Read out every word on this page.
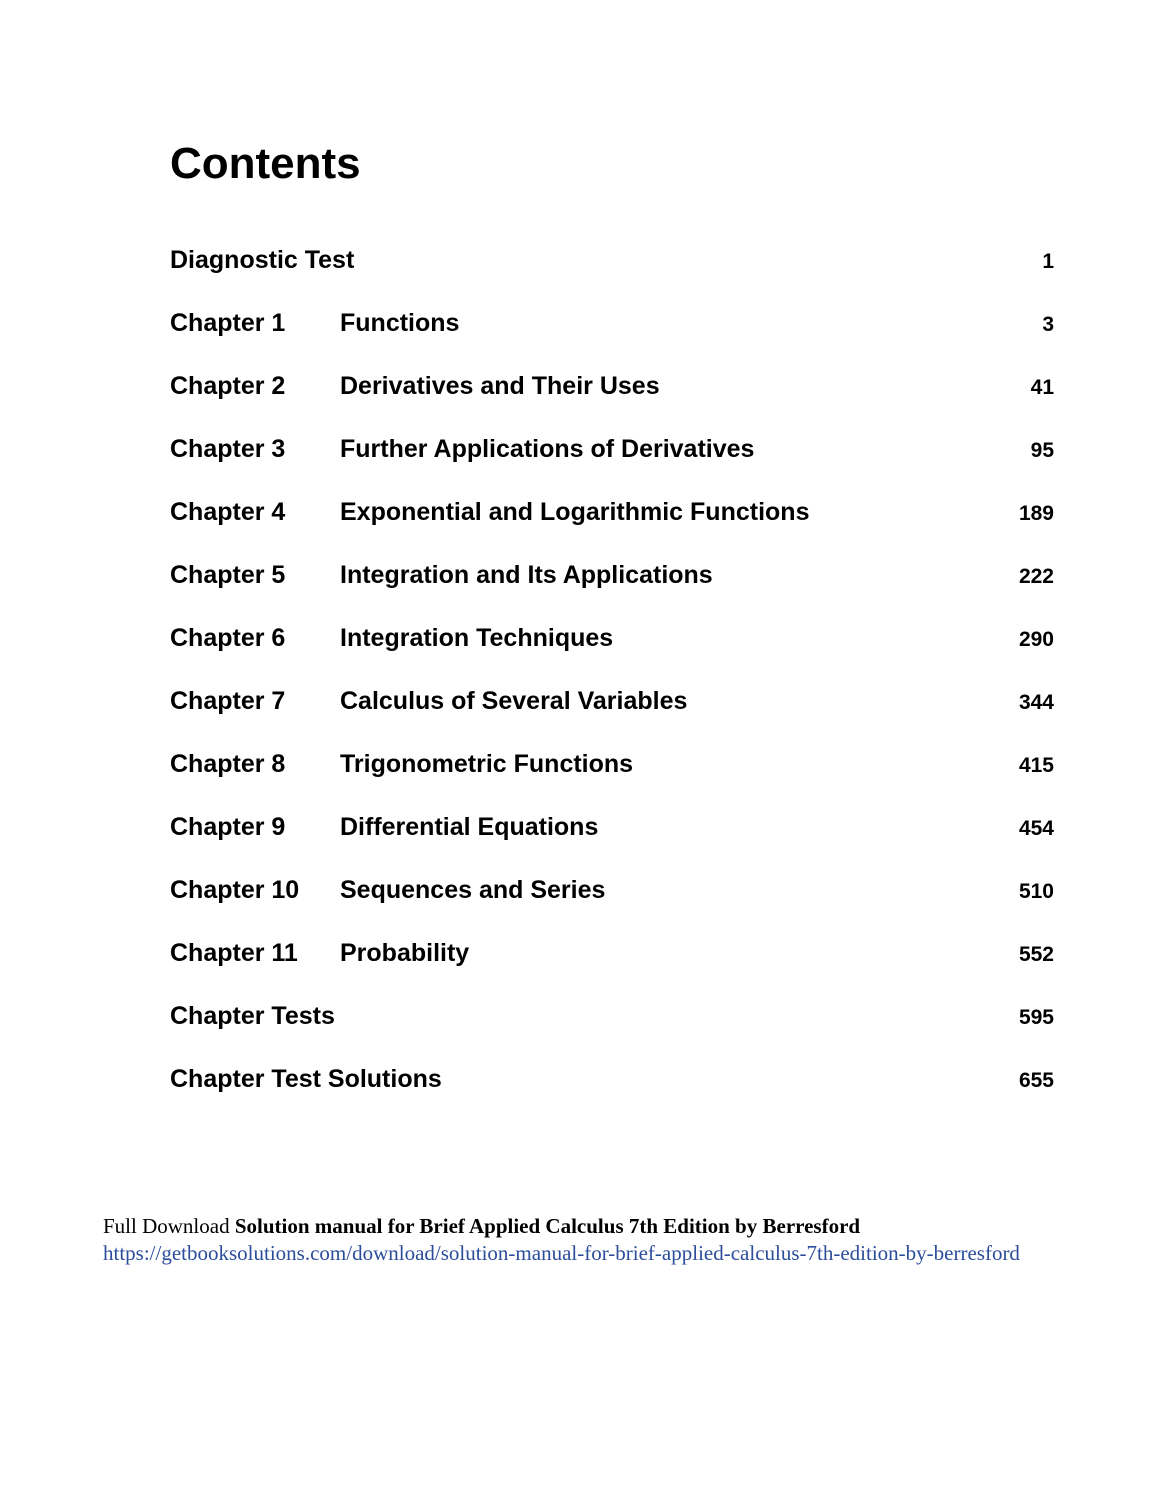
Contents
Diagnostic Test	1
Chapter 1 Functions	3
Chapter 2 Derivatives and Their Uses	41
Chapter 3 Further Applications of Derivatives	95
Chapter 4 Exponential and Logarithmic Functions	189
Chapter 5 Integration and Its Applications	222
Chapter 6 Integration Techniques	290
Chapter 7 Calculus of Several Variables	344
Chapter 8 Trigonometric Functions	415
Chapter 9 Differential Equations	454
Chapter 10 Sequences and Series	510
Chapter 11 Probability	552
Chapter Tests	595
Chapter Test Solutions	655
Full Download Solution manual for Brief Applied Calculus 7th Edition by Berresford
https://getbooksolutions.com/download/solution-manual-for-brief-applied-calculus-7th-edition-by-berresford
